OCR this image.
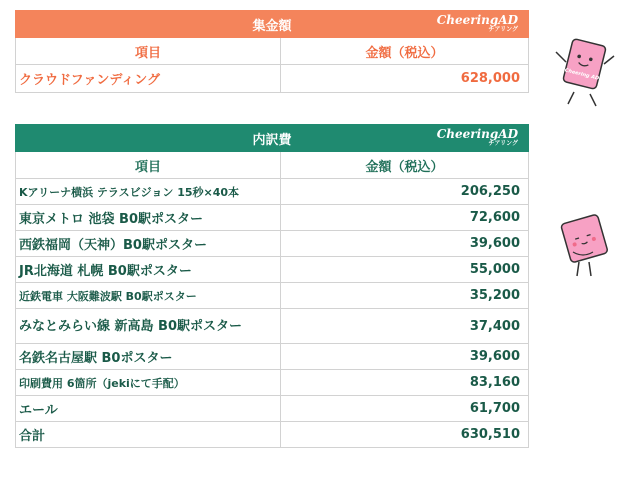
集金額 CheeringAD
チアリング	

項目	金額（税込）
クラウドファンディング	628,000
内訳費 CheeringAD
チアリング	

項目	金額（税込）
Kアリーナ横浜 テラスビジョン 15秒×40本	206,250
東京メトロ 池袋 B0駅ポスター	72,600
西鉄福岡（天神）B0駅ポスター	39,600
JR北海道 札幌 B0駅ポスター	55,000
近鉄電車 大阪難波駅 B0駅ポスター	35,200
みなとみらい線 新高島 B0駅ポスター	37,400
名鉄名古屋駅 B0ポスター	39,600
印刷費用 6箇所（jekiにて手配）	83,160
エール	61,700
合計	630,510
Cheering AD
